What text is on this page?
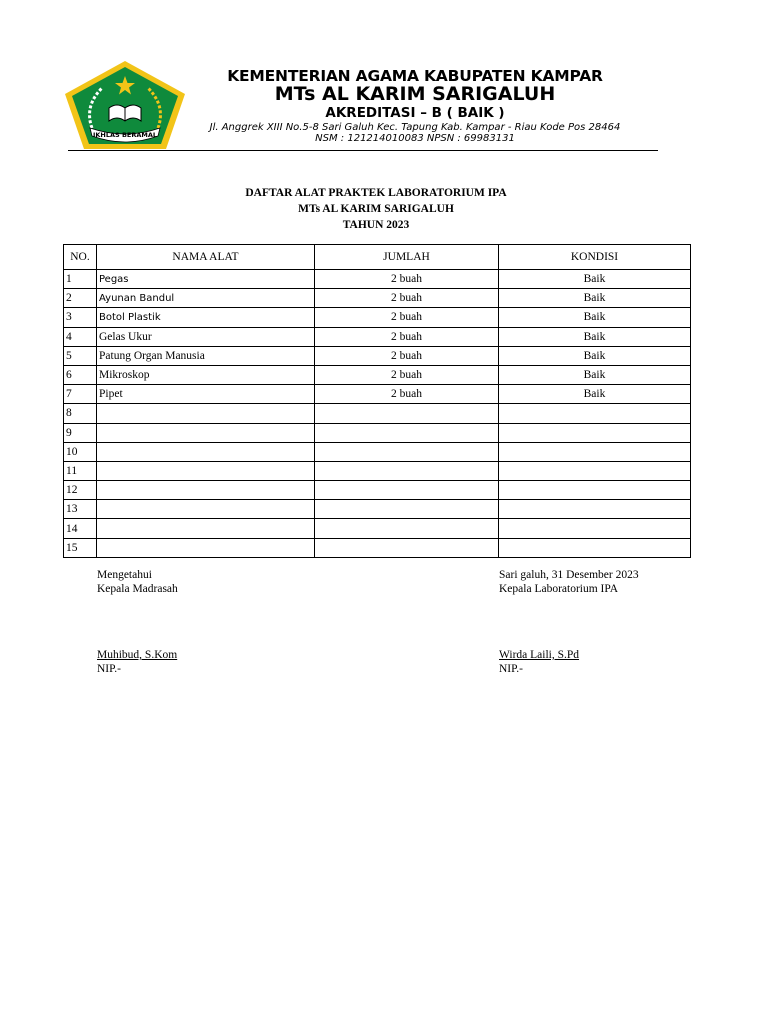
IKHLAS BERAMAL
KEMENTERIAN AGAMA KABUPATEN KAMPAR
MTs AL KARIM SARIGALUH
AKREDITASI – B ( BAIK )
Jl. Anggrek XIII No.5-8 Sari Galuh Kec. Tapung Kab. Kampar - Riau Kode Pos 28464
NSM : 121214010083 NPSN : 69983131
DAFTAR ALAT PRAKTEK LABORATORIUM IPA
MTs AL KARIM SARIGALUH
TAHUN 2023
NO.	NAMA ALAT	JUMLAH	KONDISI
1	Pegas	2 buah	Baik
2	Ayunan Bandul	2 buah	Baik
3	Botol Plastik	2 buah	Baik
4	Gelas Ukur	2 buah	Baik
5	Patung Organ Manusia	2 buah	Baik
6	Mikroskop	2 buah	Baik
7	Pipet	2 buah	Baik
8			
9			
10			
11			
12			
13			
14			
15			
Mengetahui
Kepala Madrasah
Muhibud, S.Kom
NIP.-
Sari galuh, 31 Desember 2023
Kepala Laboratorium IPA
Wirda Laili, S.Pd
NIP.-
